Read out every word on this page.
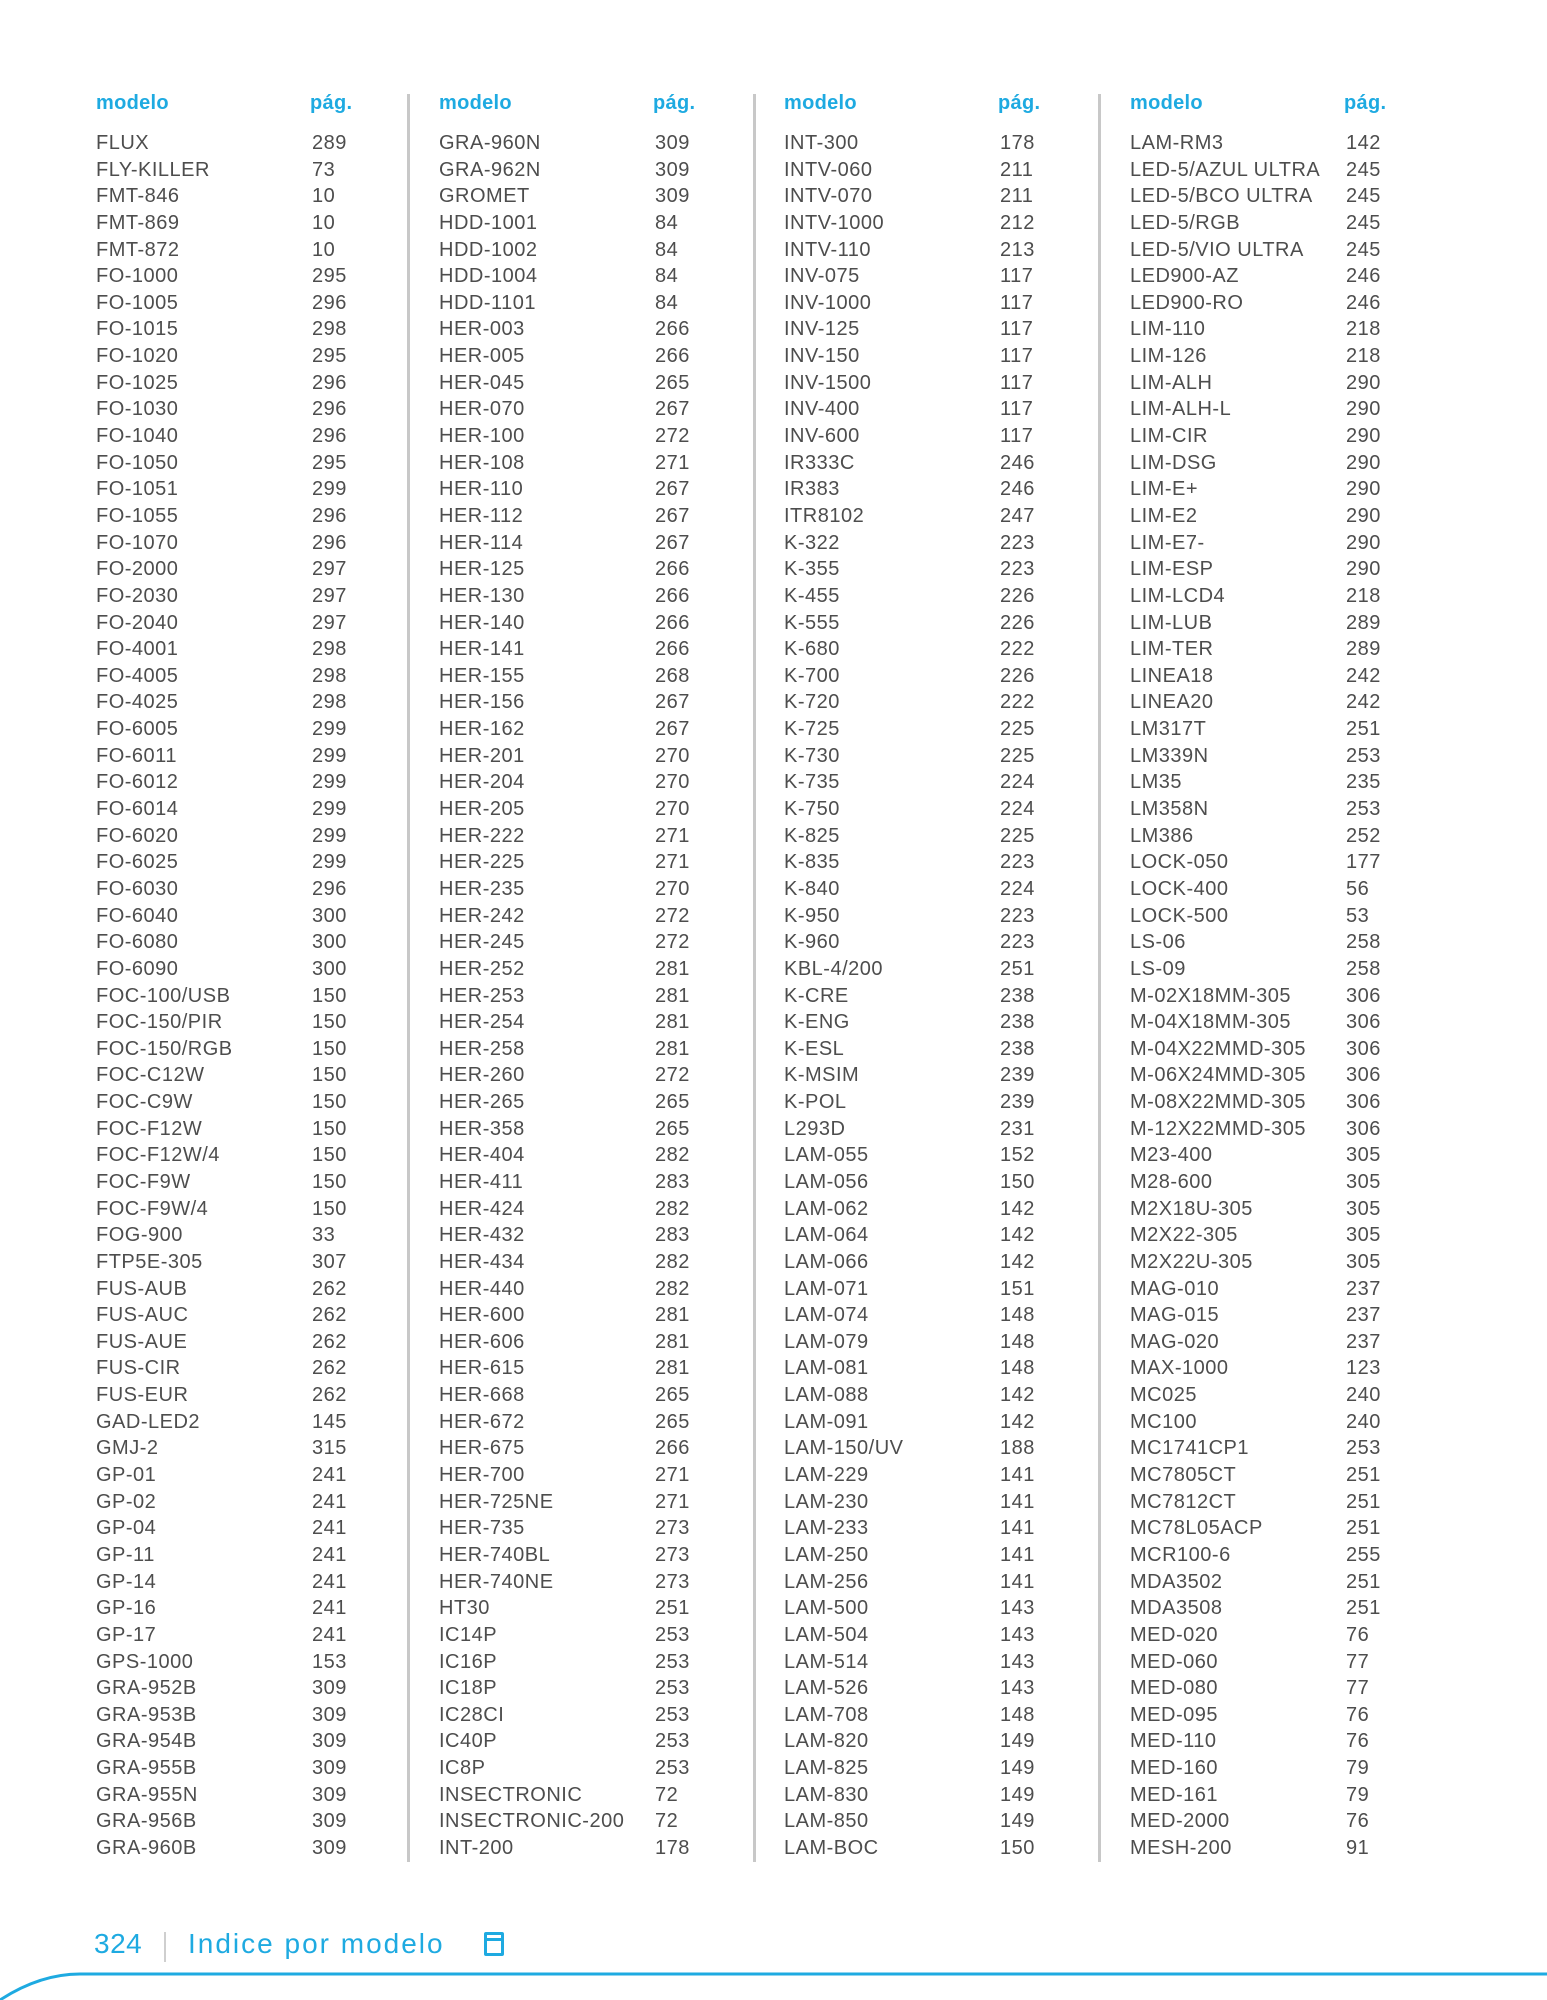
modelo	pág.
FLUX	289
FLY-KILLER	73
FMT-846	10
FMT-869	10
FMT-872	10
FO-1000	295
FO-1005	296
FO-1015	298
FO-1020	295
FO-1025	296
FO-1030	296
FO-1040	296
FO-1050	295
FO-1051	299
FO-1055	296
FO-1070	296
FO-2000	297
FO-2030	297
FO-2040	297
FO-4001	298
FO-4005	298
FO-4025	298
FO-6005	299
FO-6011	299
FO-6012	299
FO-6014	299
FO-6020	299
FO-6025	299
FO-6030	296
FO-6040	300
FO-6080	300
FO-6090	300
FOC-100/USB	150
FOC-150/PIR	150
FOC-150/RGB	150
FOC-C12W	150
FOC-C9W	150
FOC-F12W	150
FOC-F12W/4	150
FOC-F9W	150
FOC-F9W/4	150
FOG-900	33
FTP5E-305	307
FUS-AUB	262
FUS-AUC	262
FUS-AUE	262
FUS-CIR	262
FUS-EUR	262
GAD-LED2	145
GMJ-2	315
GP-01	241
GP-02	241
GP-04	241
GP-11	241
GP-14	241
GP-16	241
GP-17	241
GPS-1000	153
GRA-952B	309
GRA-953B	309
GRA-954B	309
GRA-955B	309
GRA-955N	309
GRA-956B	309
GRA-960B	309
modelo	pág.
GRA-960N	309
GRA-962N	309
GROMET	309
HDD-1001	84
HDD-1002	84
HDD-1004	84
HDD-1101	84
HER-003	266
HER-005	266
HER-045	265
HER-070	267
HER-100	272
HER-108	271
HER-110	267
HER-112	267
HER-114	267
HER-125	266
HER-130	266
HER-140	266
HER-141	266
HER-155	268
HER-156	267
HER-162	267
HER-201	270
HER-204	270
HER-205	270
HER-222	271
HER-225	271
HER-235	270
HER-242	272
HER-245	272
HER-252	281
HER-253	281
HER-254	281
HER-258	281
HER-260	272
HER-265	265
HER-358	265
HER-404	282
HER-411	283
HER-424	282
HER-432	283
HER-434	282
HER-440	282
HER-600	281
HER-606	281
HER-615	281
HER-668	265
HER-672	265
HER-675	266
HER-700	271
HER-725NE	271
HER-735	273
HER-740BL	273
HER-740NE	273
HT30	251
IC14P	253
IC16P	253
IC18P	253
IC28CI	253
IC40P	253
IC8P	253
INSECTRONIC	72
INSECTRONIC-200 72
INT-200	178
modelo	pág.
INT-300	178
INTV-060	211
INTV-070	211
INTV-1000	212
INTV-110	213
INV-075	117
INV-1000	117
INV-125	117
INV-150	117
INV-1500	117
INV-400	117
INV-600	117
IR333C	246
IR383	246
ITR8102	247
K-322	223
K-355	223
K-455	226
K-555	226
K-680	222
K-700	226
K-720	222
K-725	225
K-730	225
K-735	224
K-750	224
K-825	225
K-835	223
K-840	224
K-950	223
K-960	223
KBL-4/200	251
K-CRE	238
K-ENG	238
K-ESL	238
K-MSIM	239
K-POL	239
L293D	231
LAM-055	152
LAM-056	150
LAM-062	142
LAM-064	142
LAM-066	142
LAM-071	151
LAM-074	148
LAM-079	148
LAM-081	148
LAM-088	142
LAM-091	142
LAM-150/UV	188
LAM-229	141
LAM-230	141
LAM-233	141
LAM-250	141
LAM-256	141
LAM-500	143
LAM-504	143
LAM-514	143
LAM-526	143
LAM-708	148
LAM-820	149
LAM-825	149
LAM-830	149
LAM-850	149
LAM-BOC	150
modelo	pág.
LAM-RM3	142
LED-5/AZUL ULTRA 245
LED-5/BCO ULTRA 245
LED-5/RGB	245
LED-5/VIO ULTRA 245
LED900-AZ	246
LED900-RO	246
LIM-110	218
LIM-126	218
LIM-ALH	290
LIM-ALH-L	290
LIM-CIR	290
LIM-DSG	290
LIM-E+	290
LIM-E2	290
LIM-E7-	290
LIM-ESP	290
LIM-LCD4	218
LIM-LUB	289
LIM-TER	289
LINEA18	242
LINEA20	242
LM317T	251
LM339N	253
LM35	235
LM358N	253
LM386	252
LOCK-050	177
LOCK-400	56
LOCK-500	53
LS-06	258
LS-09	258
M-02X18MM-305	306
M-04X18MM-305	306
M-04X22MMD-305 306
M-06X24MMD-305 306
M-08X22MMD-305 306
M-12X22MMD-305 306
M23-400	305
M28-600	305
M2X18U-305	305
M2X22-305	305
M2X22U-305	305
MAG-010	237
MAG-015	237
MAG-020	237
MAX-1000	123
MC025	240
MC100	240
MC1741CP1	253
MC7805CT	251
MC7812CT	251
MC78L05ACP	251
MCR100-6	255
MDA3502	251
MDA3508	251
MED-020	76
MED-060	77
MED-080	77
MED-095	76
MED-110	76
MED-160	79
MED-161	79
MED-2000	76
MESH-200	91
324 Indice por modelo
